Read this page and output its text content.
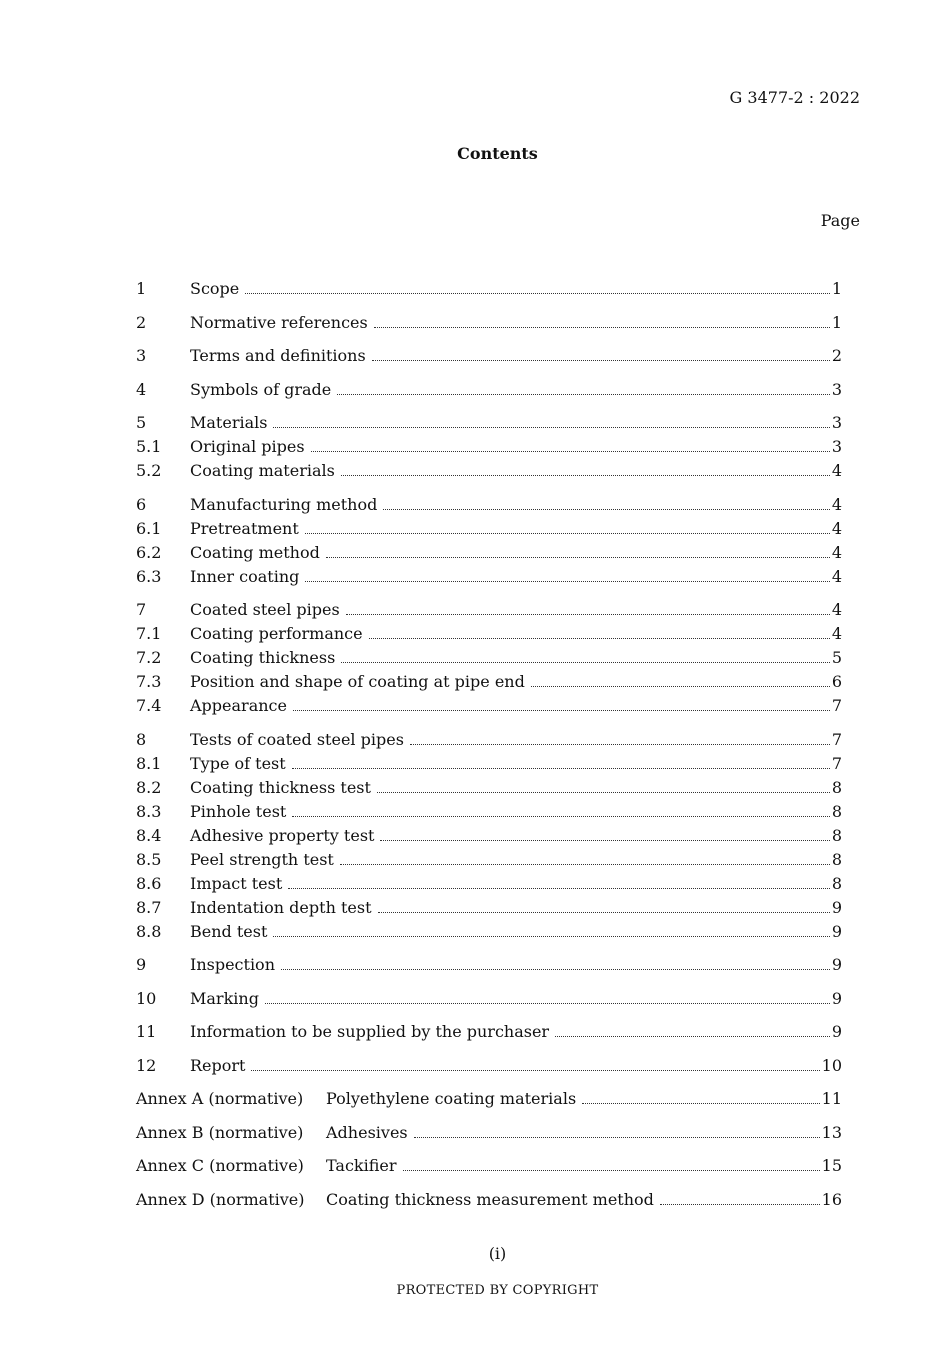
G 3477-2 : 2022
Contents
Page
1	Scope	1
2	Normative references	1
3	Terms and definitions	2
4	Symbols of grade	3
5	Materials	3
5.1	Original pipes	3
5.2	Coating materials	4
6	Manufacturing method	4
6.1	Pretreatment	4
6.2	Coating method	4
6.3	Inner coating	4
7	Coated steel pipes	4
7.1	Coating performance	4
7.2	Coating thickness	5
7.3	Position and shape of coating at pipe end	6
7.4	Appearance	7
8	Tests of coated steel pipes	7
8.1	Type of test	7
8.2	Coating thickness test	8
8.3	Pinhole test	8
8.4	Adhesive property test	8
8.5	Peel strength test	8
8.6	Impact test	8
8.7	Indentation depth test	9
8.8	Bend test	9
9	Inspection	9
10	Marking	9
11	Information to be supplied by the purchaser	9
12	Report	10
Annex A (normative)	Polyethylene coating materials	11
Annex B (normative)	Adhesives	13
Annex C (normative)	Tackifier	15
Annex D (normative)	Coating thickness measurement method	16
(i)
PROTECTED BY COPYRIGHT
